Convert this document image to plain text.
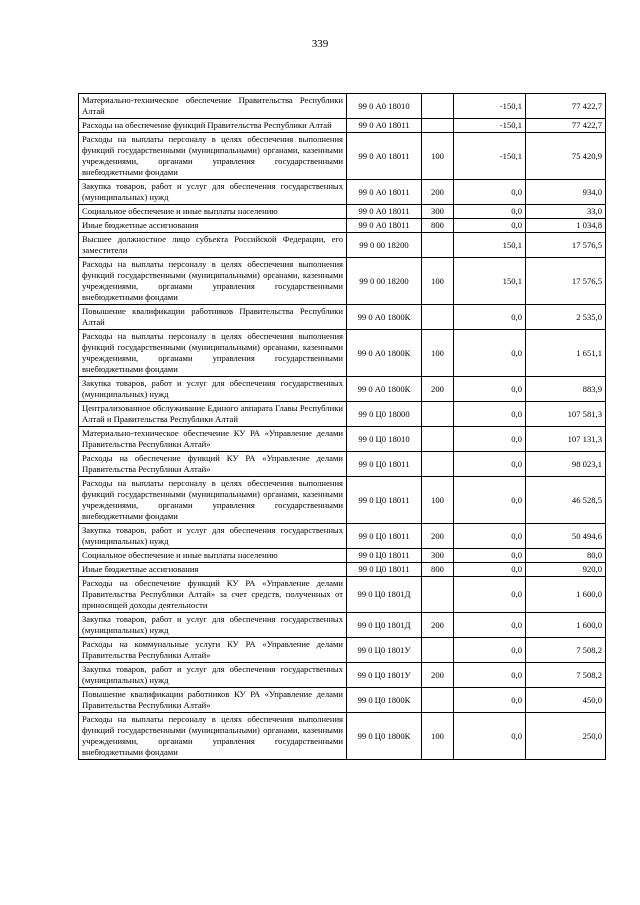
339
Материально-техническое обеспечение Правительства Республики Алтай	99 0 А0 18010		-150,1	77 422,7
Расходы на обеспечение функций Правительства Республики Алтай	99 0 А0 18011		-150,1	77 422,7
Расходы на выплаты персоналу в целях обеспечения выполнения функций государственными (муниципальными) органами, казенными учреждениями, органами управления государственными внебюджетными фондами	99 0 А0 18011	100	-150,1	75 420,9
Закупка товаров, работ и услуг для обеспечения государственных (муниципальных) нужд	99 0 А0 18011	200	0,0	934,0
Социальное обеспечение и иные выплаты населению	99 0 А0 18011	300	0,0	33,0
Иные бюджетные ассигнования	99 0 А0 18011	800	0,0	1 034,8
Высшее должностное лицо субъекта Российской Федерации, его заместители	99 0 00 18200		150,1	17 576,5
Расходы на выплаты персоналу в целях обеспечения выполнения функций государственными (муниципальными) органами, казенными учреждениями, органами управления государственными внебюджетными фондами	99 0 00 18200	100	150,1	17 576,5
Повышение квалификации работников Правительства Республики Алтай	99 0 А0 1800К		0,0	2 535,0
Расходы на выплаты персоналу в целях обеспечения выполнения функций государственными (муниципальными) органами, казенными учреждениями, органами управления государственными внебюджетными фондами	99 0 А0 1800К	100	0,0	1 651,1
Закупка товаров, работ и услуг для обеспечения государственных (муниципальных) нужд	99 0 А0 1800К	200	0,0	883,9
Централизованное обслуживание Единого аппарата Главы Республики Алтай и Правительства Республики Алтай	99 0 Ц0 18000		0,0	107 581,3
Материально-техническое обеспечение КУ РА «Управление делами Правительства Республики Алтай»	99 0 Ц0 18010		0,0	107 131,3
Расходы на обеспечение функций КУ РА «Управление делами Правительства Республики Алтай»	99 0 Ц0 18011		0,0	98 023,1
Расходы на выплаты персоналу в целях обеспечения выполнения функций государственными (муниципальными) органами, казенными учреждениями, органами управления государственными внебюджетными фондами	99 0 Ц0 18011	100	0,0	46 528,5
Закупка товаров, работ и услуг для обеспечения государственных (муниципальных) нужд	99 0 Ц0 18011	200	0,0	50 494,6
Социальное обеспечение и иные выплаты населению	99 0 Ц0 18011	300	0,0	80,0
Иные бюджетные ассигнования	99 0 Ц0 18011	800	0,0	920,0
Расходы на обеспечение функций КУ РА «Управление делами Правительства Республики Алтай» за счет средств, полученных от приносящей доходы деятельности	99 0 Ц0 1801Д		0,0	1 600,0
Закупка товаров, работ и услуг для обеспечения государственных (муниципальных) нужд	99 0 Ц0 1801Д	200	0,0	1 600,0
Расходы на коммунальные услуги КУ РА «Управление делами Правительства Республики Алтай»	99 0 Ц0 1801У		0,0	7 508,2
Закупка товаров, работ и услуг для обеспечения государственных (муниципальных) нужд	99 0 Ц0 1801У	200	0,0	7 508,2
Повышение квалификации работников КУ РА «Управление делами Правительства Республики Алтай»	99 0 Ц0 1800К		0,0	450,0
Расходы на выплаты персоналу в целях обеспечения выполнения функций государственными (муниципальными) органами, казенными учреждениями, органами управления государственными внебюджетными фондами	99 0 Ц0 1800К	100	0,0	250,0
